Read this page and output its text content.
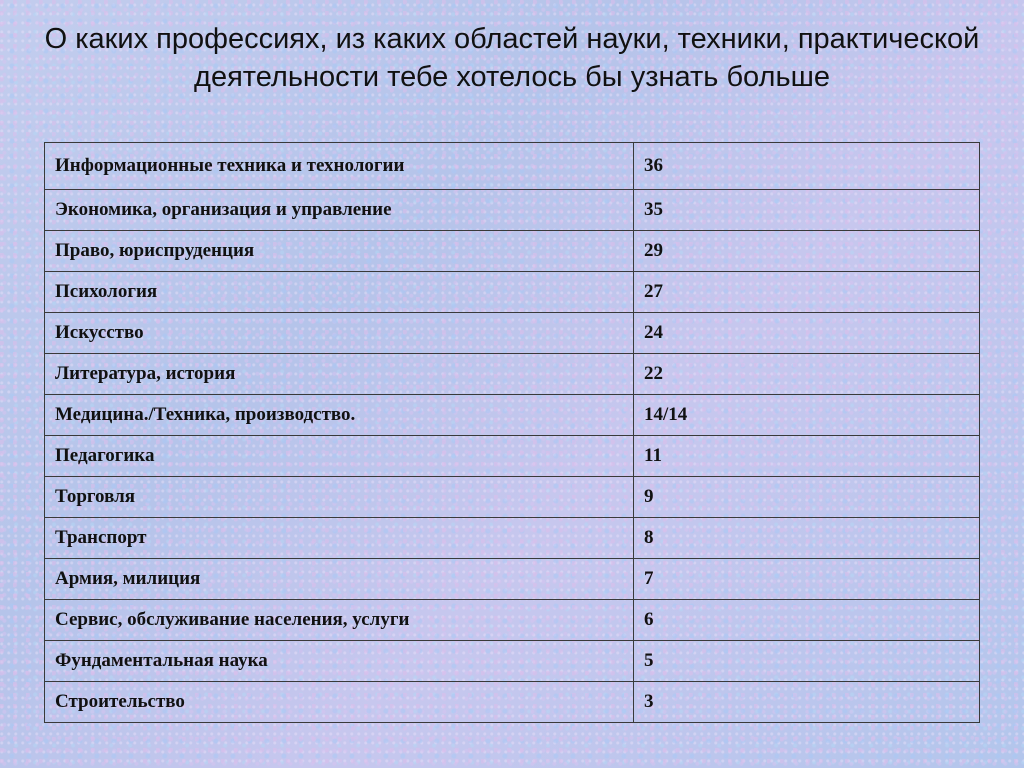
О каких профессиях, из каких областей науки, техники, практической деятельности тебе хотелось бы узнать больше
Информационные техника и технологии	36
Экономика, организация и управление	35
Право, юриспруденция	29
Психология	27
Искусство	24
Литература, история	22
Медицина./Техника, производство.	14/14
Педагогика	11
Торговля	9
Транспорт	8
Армия, милиция	7
Сервис, обслуживание населения, услуги	6
Фундаментальная наука	5
Строительство	3
